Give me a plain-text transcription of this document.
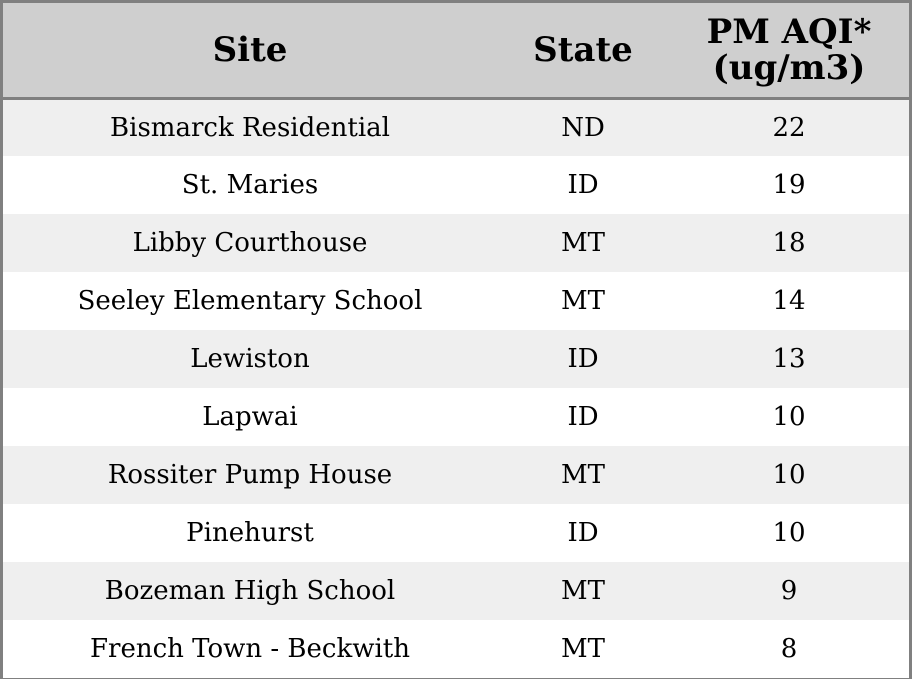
Site	State	PM AQI*
(ug/m3)
Bismarck Residential	ND	22
St. Maries	ID	19
Libby Courthouse	MT	18
Seeley Elementary School	MT	14
Lewiston	ID	13
Lapwai	ID	10
Rossiter Pump House	MT	10
Pinehurst	ID	10
Bozeman High School	MT	9
French Town - Beckwith	MT	8
